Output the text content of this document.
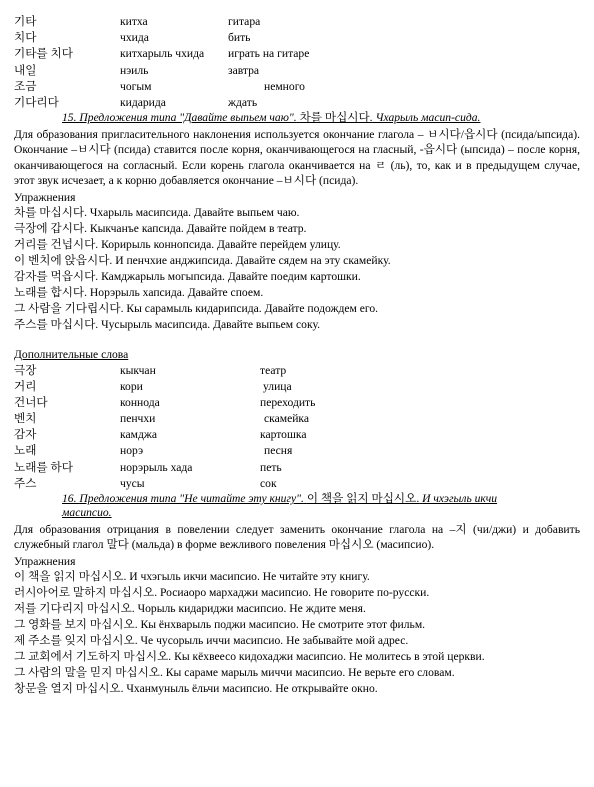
기타	китха	гитара
치다	чхида	бить
기타를 치다	китхарыль чхида	играть на гитаре
내일	нэиль	завтра
조금	чогым	немного
기다리다	кидарида	ждать
15. Предложения типа "Давайте выпьем чаю". 차를 마십시다. Чхарыль масип-сида.
Для образования пригласительного наклонения используется окончание глагола – ㅂ시다/읍시다 (псида/ыпсида). Окончание –ㅂ시다 (псида) ставится после корня, оканчивающегося на гласный, -읍시다 (ыпсида) – после корня, оканчивающегося на согласный. Если корень глагола оканчивается на ㄹ (ль), то, как и в предыдущем случае, этот звук исчезает, а к корню добавляется окончание –ㅂ시다 (псида).
Упражнения
차를 마십시다. Чхарыль масипсида. Давайте выпьем чаю.
극장에 갑시다. Кыкчанъе капсида. Давайте пойдем в театр.
거리를 건넙시다. Корирыль коннопсида. Давайте перейдем улицу.
이 벤치에 앉읍시다. И пенчхие анджипсида. Давайте сядем на эту скамейку.
감자를 먹읍시다. Камджарыль могыпсида. Давайте поедим картошки.
노래를 합시다. Норэрыль хапсида. Давайте споем.
그 사람을 기다립시다. Кы сарамыль кидарипсида. Давайте подождем его.
주스를 마십시다. Чусырыль масипсида. Давайте выпьем соку.
Дополнительные слова
극장	кыкчан	театр
거리	кори	улица
건너다	коннода	переходить
벤치	пенчхи	скамейка
감자	камджа	картошка
노래	норэ	песня
노래를 하다	норэрыль хада	петь
주스	чусы	сок
16. Предложения типа "Не читайте эту книгу". 이 책을 읽지 마십시오. И чхэгыль икчи масипсио.
Для образования отрицания в повелении следует заменить окончание глагола на –지 (чи/джи) и добавить служебный глагол 말다 (мальда) в форме вежливого повеления 마십시오 (масипсио).
Упражнения
이 책을 읽지 마십시오. И чхэгыль икчи масипсио. Не читайте эту книгу.
러시아어로 말하지 마십시오. Росиаоро мархаджи масипсио. Не говорите по-русски.
저를 기다리지 마십시오. Чорыль кидариджи масипсио. Не ждите меня.
그 영화를 보지 마십시오. Кы ёнхварыль поджи масипсио. Не смотрите этот фильм.
제 주소를 잊지 마십시오. Че чусорыль иччи масипсио. Не забывайте мой адрес.
그 교회에서 기도하지 마십시오. Кы кёхвеесо кидохаджи масипсио. Не молитесь в этой церкви.
그 사람의 말을 믿지 마십시오. Кы сараме марыль миччи масипсио. Не верьте его словам.
창문을 열지 마십시오. Чханмуныль ёльчи масипсио. Не открывайте окно.
